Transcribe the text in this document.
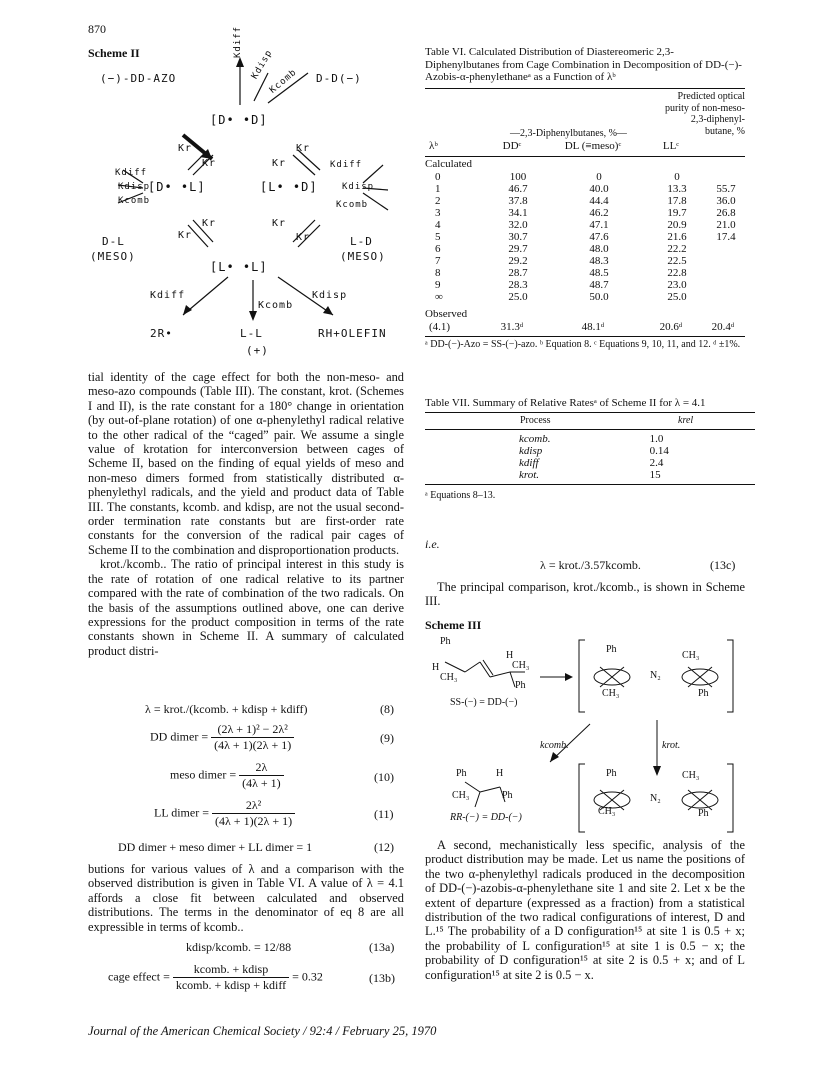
870
Scheme II
(−)-DD-AZO	D-D(−)
[D• •D]
[D• •L]	[L• •D]
[L• •L]
Kdiff
Kdisp
Kcomb
Kr
Kr	Kr
Kr
Kr
Kr	Kr
Kr
Kdiff
Kdisp
Kcomb
Kdiff
Kdisp
Kcomb
D-L
(MESO)
L-D
(MESO)
Kdiff
Kcomb
Kdisp
2R•	L-L
(+)
RH+OLEFIN

tial identity of the cage effect for both the non-meso- and meso-azo compounds (Table III). The constant, krot. (Schemes I and II), is the rate constant for a 180° change in orientation (by out-of-plane rotation) of one α-phenylethyl radical relative to the other radical of the “caged” pair. We assume a single value of krotation for interconversion between cages of Scheme II, based on the finding of equal yields of meso and non-meso dimers formed from statistically distributed α-phenylethyl radicals, and the yield and product data of Table III. The constants, kcomb. and kdisp, are not the usual second-order termination rate constants but are first-order rate constants for the conversion of the radical pair cages of Scheme II to the combination and disproportionation products.

krot./kcomb.. The ratio of principal interest in this study is the rate of rotation of one radical relative to its partner compared with the rate of combination of the two radicals. On the basis of the assumptions outlined above, one can derive expressions for the product composition in terms of the rate constants shown in Scheme II. A summary of calculated product distri-

λ = krot./(kcomb. + kdisp + kdiff)	(8)
DD dimer = $\frac{\text{(2λ + 1)² − 2λ²}}{(4\lambda + 1)(2\lambda + 1)}$	(9)
meso dimer = $\frac{2\lambda}{(4\lambda + 1)}$	(10)
LL dimer = $\frac{\text{2λ²}}{(4\lambda + 1)(2\lambda + 1)}$	(11)
DD dimer + meso dimer + LL dimer = 1	(12)

butions for various values of λ and a comparison with the observed distribution is given in Table VI. A value of λ = 4.1 affords a close fit between calculated and observed distributions. The terms in the denominator of eq 8 are all expressible in terms of kcomb..

kdisp/kcomb. = 12/88	(13a)
cage effect = $\frac{\text{kcomb. + kdisp}}{\text{kcomb. + kdisp + kdiff}} = 0.32$	(13b)
Table VI. Calculated Distribution of Diastereomeric 2,3-Diphenylbutanes from Cage Combination in Decomposition of DD-(−)-Azobis-α-phenylethaneᵃ as a Function of λᵇ
Predicted optical purity of non-meso-2,3-diphenyl-butane, %
—2,3-Diphenylbutanes, %—
λᵇ	DDᶜ	DL (≡meso)ᶜ	LLᶜ	
Calculated
0	100	0	0	
1	46.7	40.0	13.3	55.7
2	37.8	44.4	17.8	36.0
3	34.1	46.2	19.7	26.8
4	32.0	47.1	20.9	21.0
5	30.7	47.6	21.6	17.4
6	29.7	48.0	22.2	
7	29.2	48.3	22.5	
8	28.7	48.5	22.8	
9	28.3	48.7	23.0	
∞	25.0	50.0	25.0	
Observed
(4.1)	31.3ᵈ	48.1ᵈ	20.6ᵈ	20.4ᵈ
ᵃ DD-(−)-Azo = SS-(−)-azo. ᵇ Equation 8. ᶜ Equations 9, 10, 11, and 12. ᵈ ±1%.
Table VII. Summary of Relative Ratesᵃ of Scheme II for λ = 4.1
Process	krel
kcomb.	1.0
kdisp	0.14
kdiff	2.4
krot.	15
ᵃ Equations 8–13.
i.e.
λ = krot./3.57kcomb.	(13c)

The principal comparison, krot./kcomb., is shown in Scheme III.

Scheme III
Ph
H
CH₃
CH₃
Ph
H
Ph
CH₃
N₂
CH₃
Ph
SS-(−) = DD-(−)
kcomb.	krot.
Ph	H
CH₃	Ph
RR-(−) = DD-(−)
Ph
CH₃
N₂
CH₃
Ph

A second, mechanistically less specific, analysis of the product distribution may be made. Let us name the positions of the two α-phenylethyl radicals produced in the decomposition of DD-(−)-azobis-α-phenylethane site 1 and site 2. Let x be the extent of departure (expressed as a fraction) from a statistical distribution of the two radical configurations of interest, D and L.¹⁵ The probability of a D configuration¹⁵ at site 1 is 0.5 + x; the probability of L configuration¹⁵ at site 1 is 0.5 − x; the probability of D configuration¹⁵ at site 2 is 0.5 + x; and of L configuration¹⁵ at site 2 is 0.5 − x.

Journal of the American Chemical Society / 92:4 / February 25, 1970
